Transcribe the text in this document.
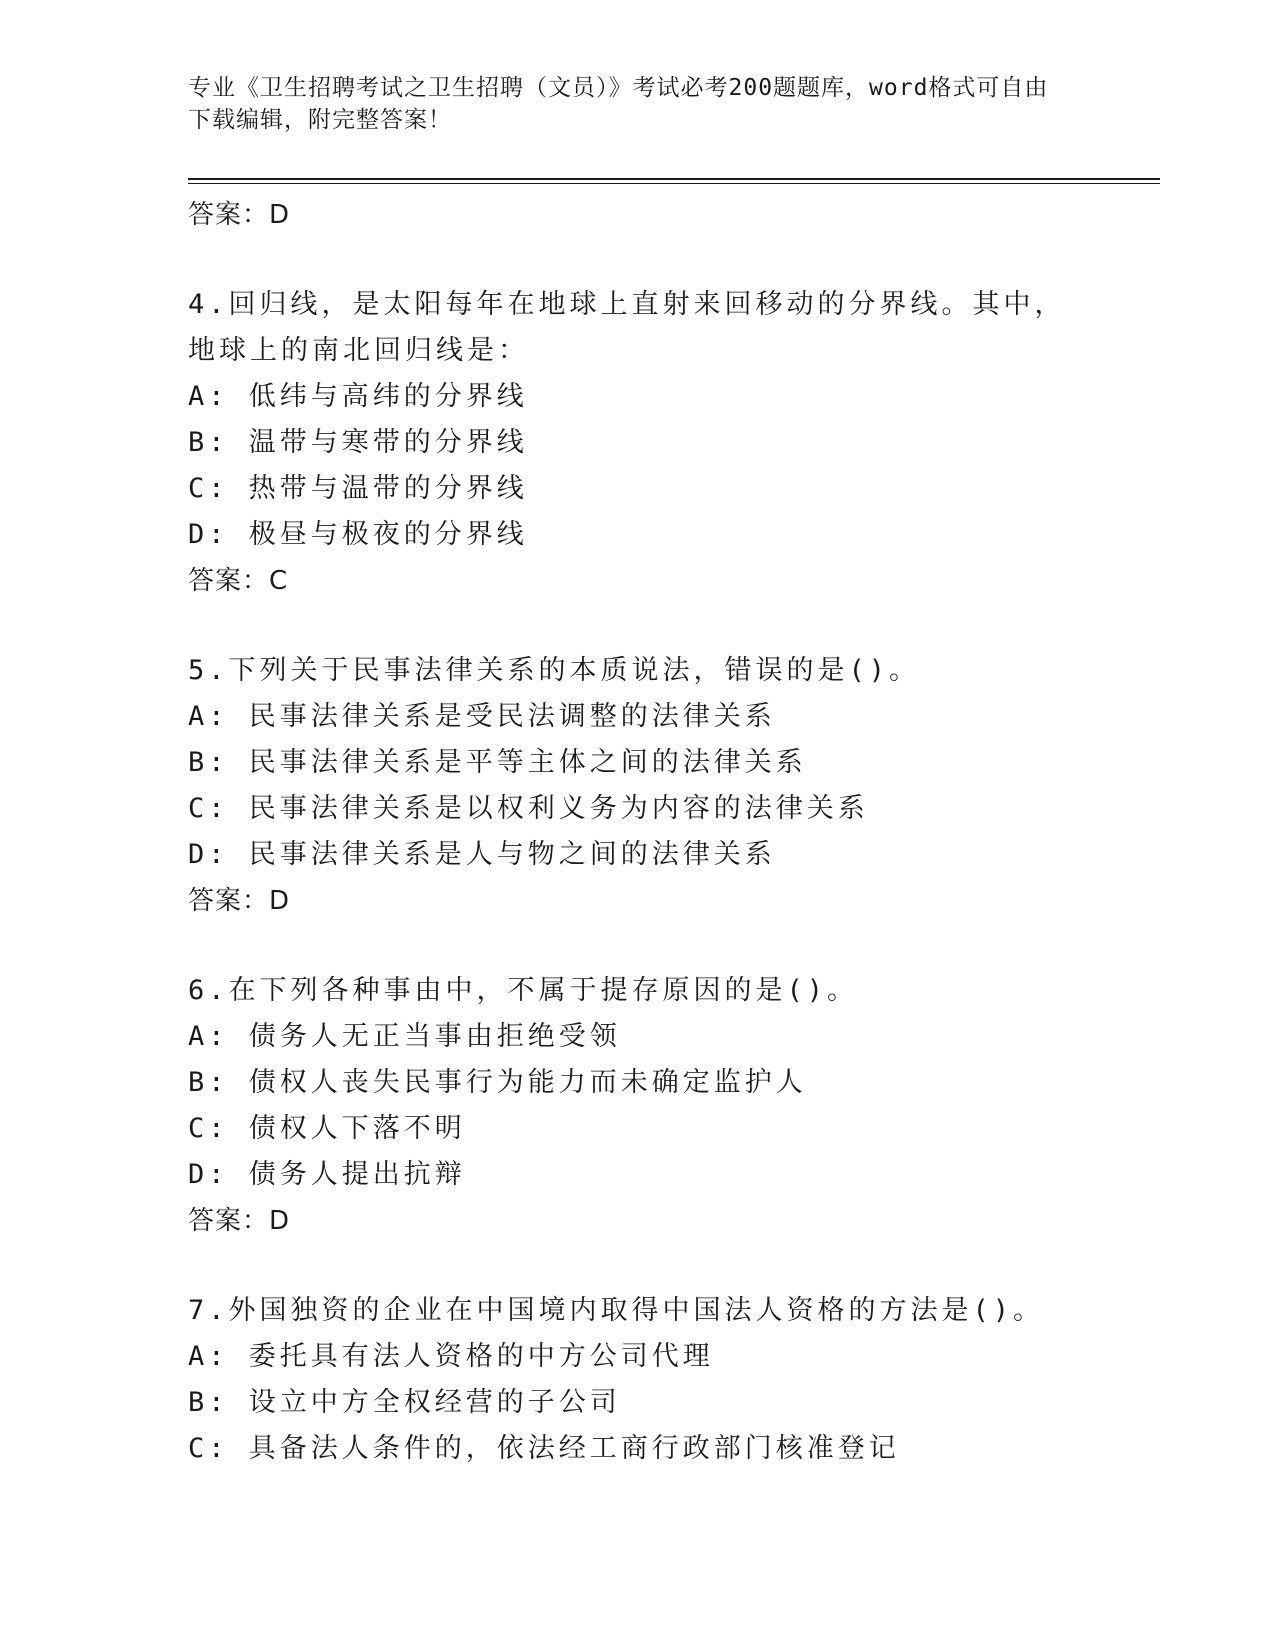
专业《卫生招聘考试之卫生招聘（文员）》考试必考200题题库，word格式可自由下载编辑，附完整答案！
答案：D
4.回归线，是太阳每年在地球上直射来回移动的分界线。其中，地球上的南北回归线是：
A: 低纬与高纬的分界线
B: 温带与寒带的分界线
C: 热带与温带的分界线
D: 极昼与极夜的分界线
答案：C
5.下列关于民事法律关系的本质说法，错误的是()。
A: 民事法律关系是受民法调整的法律关系
B: 民事法律关系是平等主体之间的法律关系
C: 民事法律关系是以权利义务为内容的法律关系
D: 民事法律关系是人与物之间的法律关系
答案：D
6.在下列各种事由中，不属于提存原因的是()。
A: 债务人无正当事由拒绝受领
B: 债权人丧失民事行为能力而未确定监护人
C: 债权人下落不明
D: 债务人提出抗辩
答案：D
7.外国独资的企业在中国境内取得中国法人资格的方法是()。
A: 委托具有法人资格的中方公司代理
B: 设立中方全权经营的子公司
C: 具备法人条件的，依法经工商行政部门核准登记
